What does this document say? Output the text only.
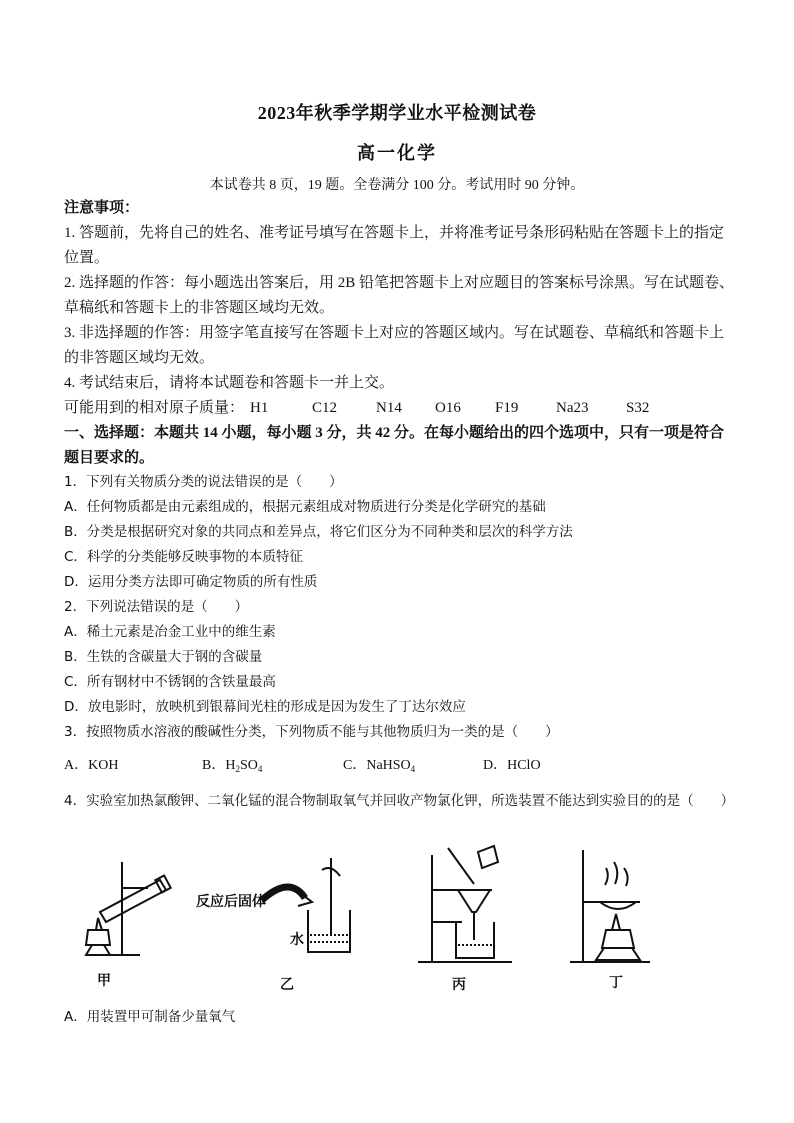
2023年秋季学期学业水平检测试卷
高一化学
本试卷共 8 页，19 题。全卷满分 100 分。考试用时 90 分钟。
注意事项：
1. 答题前，先将自己的姓名、准考证号填写在答题卡上，并将准考证号条形码粘贴在答题卡上的指定位置。
2. 选择题的作答：每小题选出答案后，用 2B 铅笔把答题卡上对应题目的答案标号涂黑。写在试题卷、草稿纸和答题卡上的非答题区域均无效。
3. 非选择题的作答：用签字笔直接写在答题卡上对应的答题区域内。写在试题卷、草稿纸和答题卡上的非答题区域均无效。
4. 考试结束后，请将本试题卷和答题卡一并上交。
可能用到的相对原子质量： H1	C12	N14 O16 F19	Na23	S32
一、选择题：本题共 14 小题，每小题 3 分，共 42 分。在每小题给出的四个选项中，只有一项是符合题目要求的。
1．下列有关物质分类的说法错误的是（　　）
A．任何物质都是由元素组成的，根据元素组成对物质进行分类是化学研究的基础
B．分类是根据研究对象的共同点和差异点，将它们区分为不同种类和层次的科学方法
C．科学的分类能够反映事物的本质特征
D．运用分类方法即可确定物质的所有性质
2．下列说法错误的是（　　）
A．稀土元素是冶金工业中的维生素
B．生铁的含碳量大于钢的含碳量
C．所有钢材中不锈钢的含铁量最高
D．放电影时，放映机到银幕间光柱的形成是因为发生了丁达尔效应
3．按照物质水溶液的酸碱性分类，下列物质不能与其他物质归为一类的是（　　）
A．KOH	B．$H_2SO_4$	C．NaHSO$_4$	D．HClO
4．实验室加热氯酸钾、二氧化锰的混合物制取氧气并回收产物氯化钾，所选装置不能达到实验目的的是（　　）
反应后固体
水
甲	乙	丙	丁
A．用装置甲可制备少量氧气
